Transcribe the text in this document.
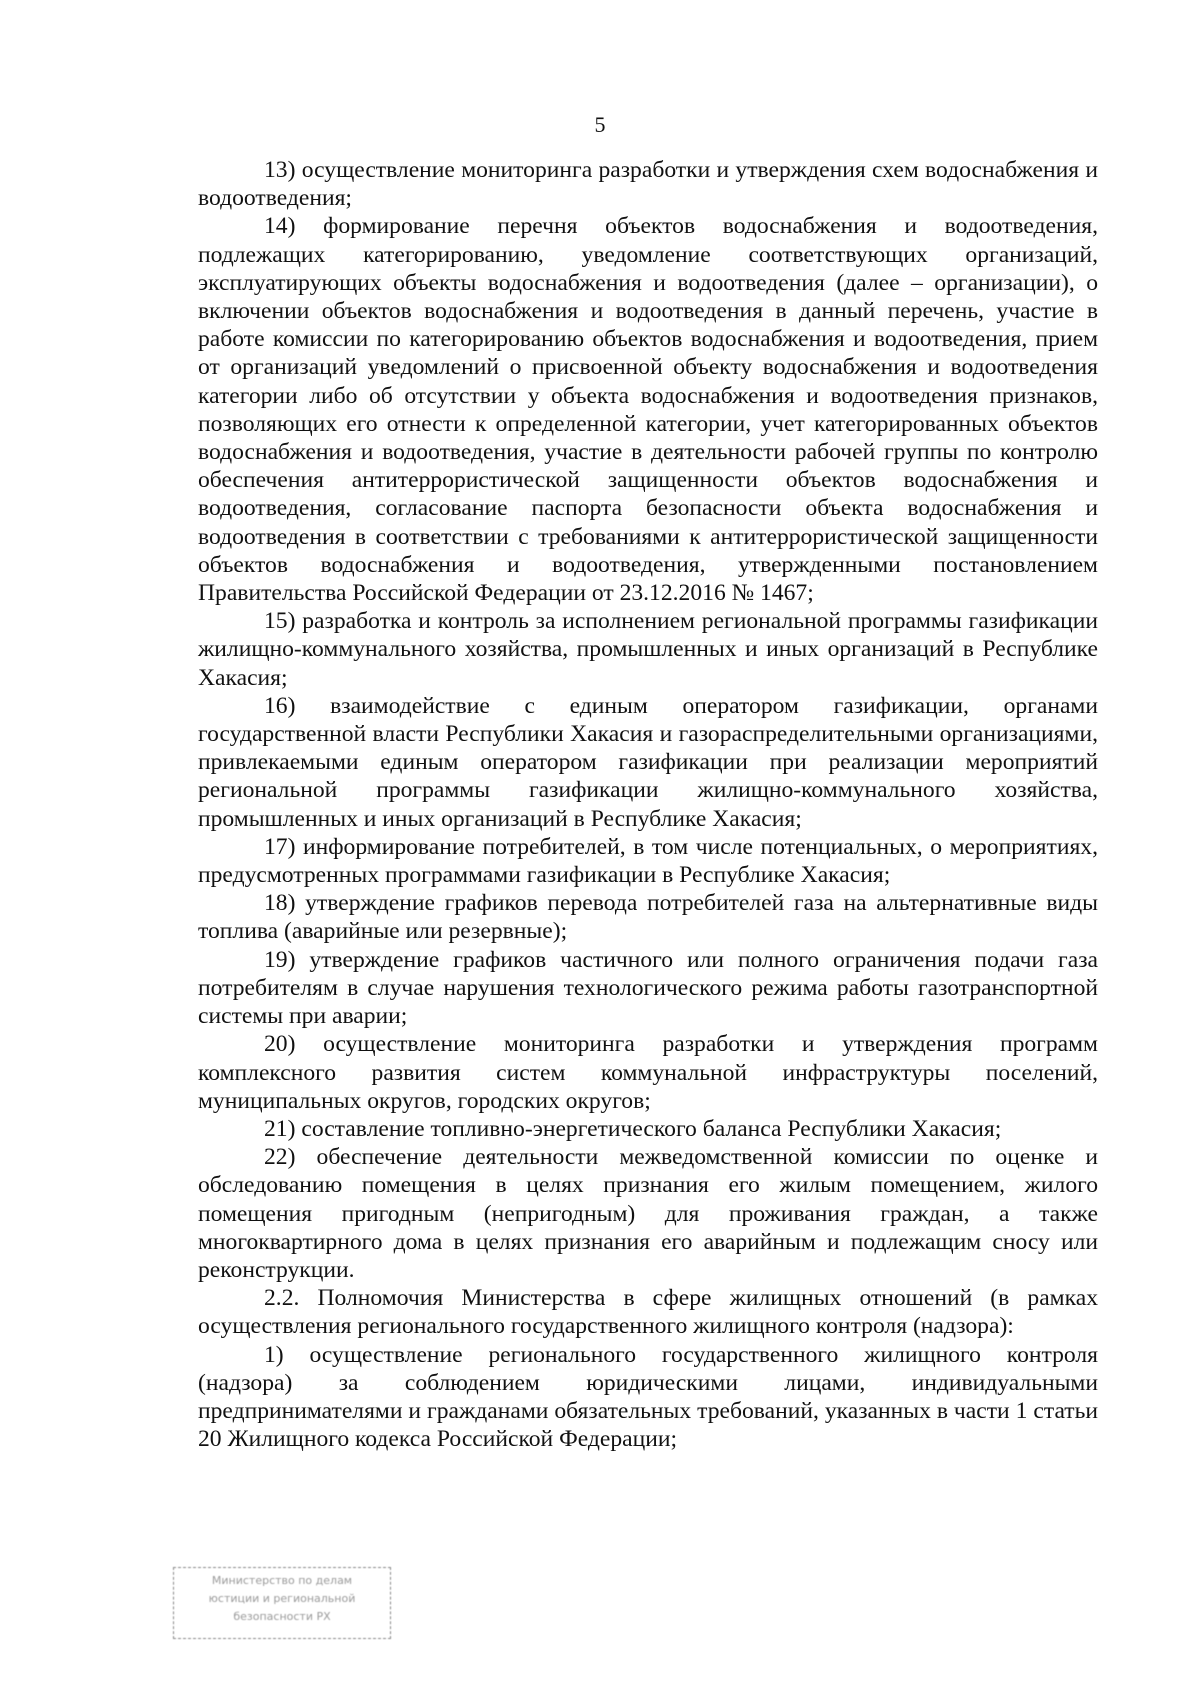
5

13) осуществление мониторинга разработки и утверждения схем водоснабжения и водоотведения;

14) формирование перечня объектов водоснабжения и водоотведения, подлежащих категорированию, уведомление соответствующих организаций, эксплуатирующих объекты водоснабжения и водоотведения (далее – организации), о включении объектов водоснабжения и водоотведения в данный перечень, участие в работе комиссии по категорированию объектов водоснабжения и водоотведения, прием от организаций уведомлений о присвоенной объекту водоснабжения и водоотведения категории либо об отсутствии у объекта водоснабжения и водоотведения признаков, позволяющих его отнести к определенной категории, учет категорированных объектов водоснабжения и водоотведения, участие в деятельности рабочей группы по контролю обеспечения антитеррористической защищенности объектов водоснабжения и водоотведения, согласование паспорта безопасности объекта водоснабжения и водоотведения в соответствии с требованиями к антитеррористической защищенности объектов водоснабжения и водоотведения, утвержденными постановлением Правительства Российской Федерации от 23.12.2016 № 1467;

15) разработка и контроль за исполнением региональной программы газификации жилищно-коммунального хозяйства, промышленных и иных организаций в Республике Хакасия;

16) взаимодействие с единым оператором газификации, органами государственной власти Республики Хакасия и газораспределительными организациями, привлекаемыми единым оператором газификации при реализации мероприятий региональной программы газификации жилищно-коммунального хозяйства, промышленных и иных организаций в Республике Хакасия;

17) информирование потребителей, в том числе потенциальных, о мероприятиях, предусмотренных программами газификации в Республике Хакасия;

18) утверждение графиков перевода потребителей газа на альтернативные виды топлива (аварийные или резервные);

19) утверждение графиков частичного или полного ограничения подачи газа потребителям в случае нарушения технологического режима работы газотранспортной системы при аварии;

20) осуществление мониторинга разработки и утверждения программ комплексного развития систем коммунальной инфраструктуры поселений, муниципальных округов, городских округов;

21) составление топливно-энергетического баланса Республики Хакасия;

22) обеспечение деятельности межведомственной комиссии по оценке и обследованию помещения в целях признания его жилым помещением, жилого помещения пригодным (непригодным) для проживания граждан, а также многоквартирного дома в целях признания его аварийным и подлежащим сносу или реконструкции.

2.2. Полномочия Министерства в сфере жилищных отношений (в рамках осуществления регионального государственного жилищного контроля (надзора):

1) осуществление регионального государственного жилищного контроля (надзора) за соблюдением юридическими лицами, индивидуальными предпринимателями и гражданами обязательных требований, указанных в части 1 статьи 20 Жилищного кодекса Российской Федерации;

Министерство по делам
юстиции и региональной
безопасности РХ
